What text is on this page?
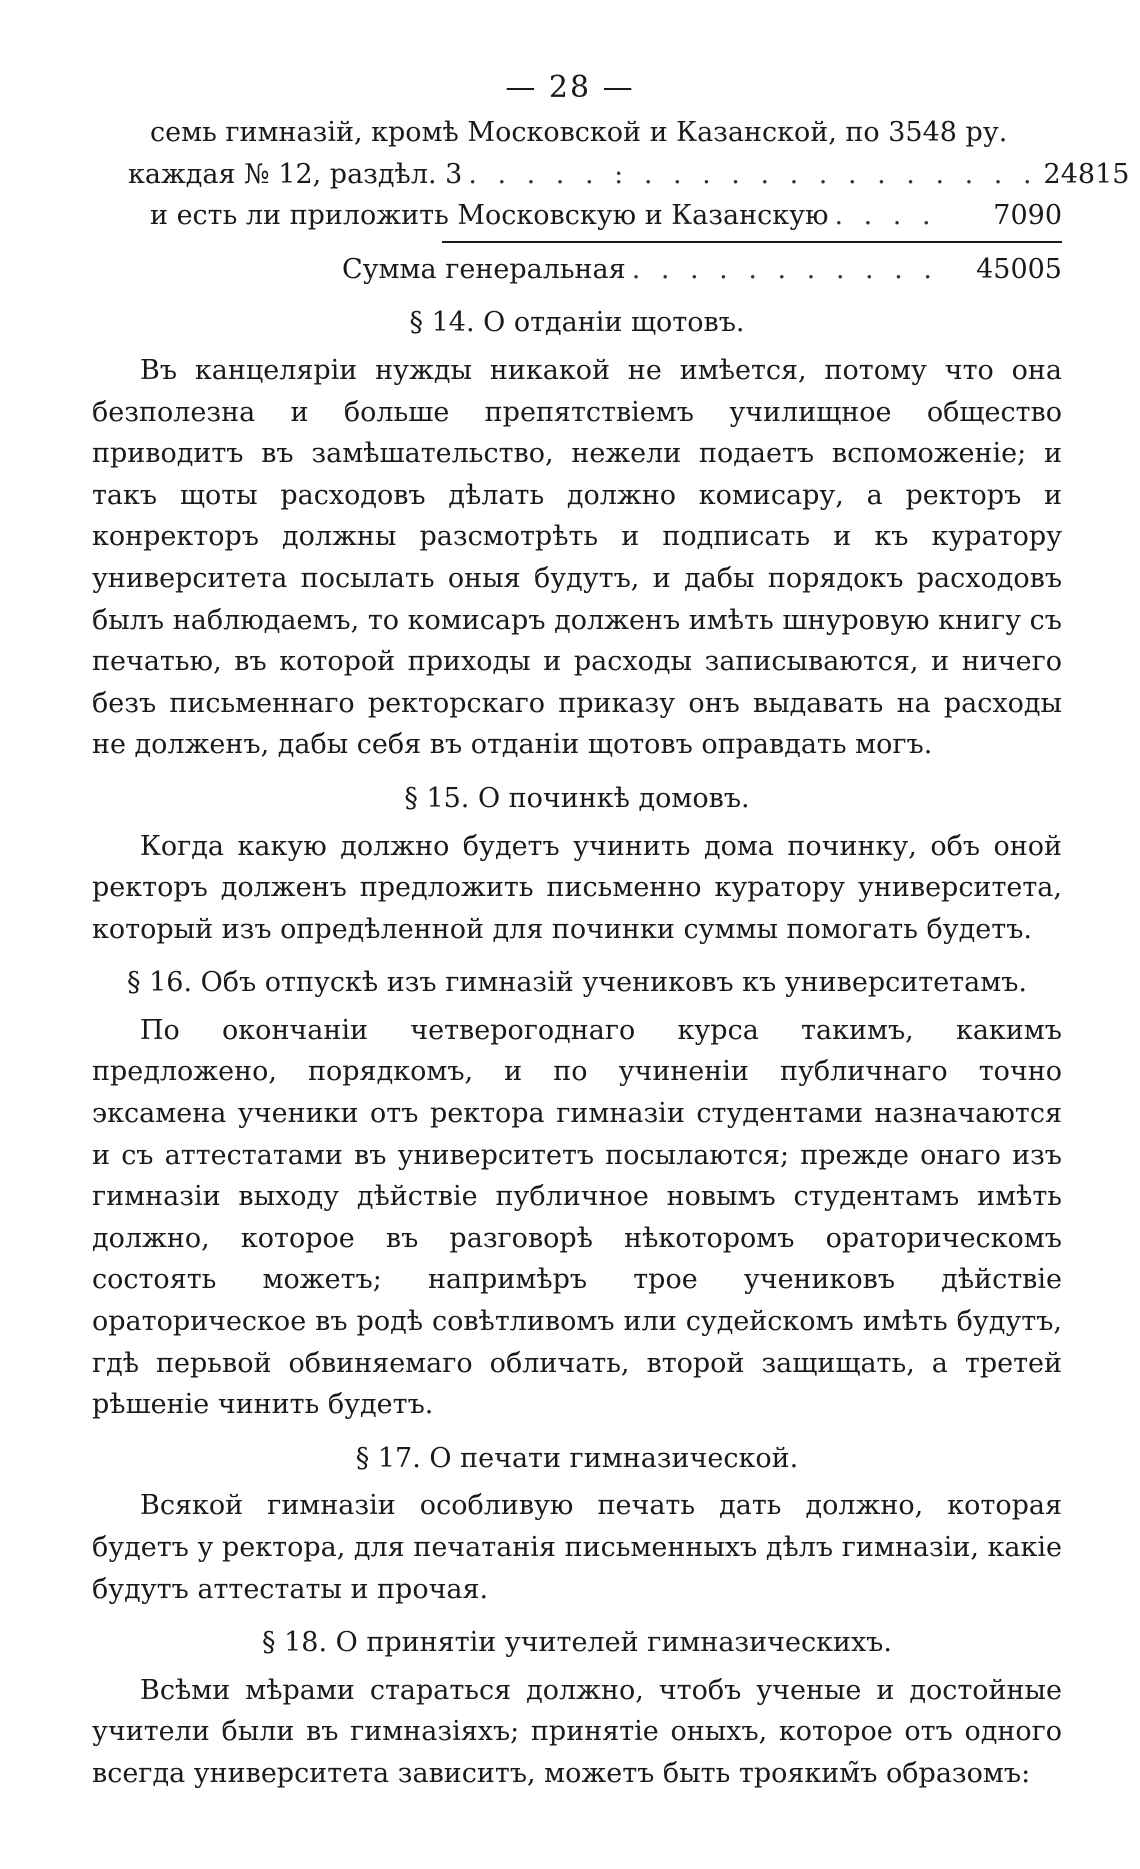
— 28 —
семь гимназій, кромѣ Московской и Казанской, по 3548 ру.
каждая № 12, раздѣл. 3 . . . . . : . . . . . . . . . . . . . . 24815
и есть ли приложить Московскую и Казанскую . . . .	7090
Сумма генеральная . . . . . . . . . . .	45005
§ 14. О отданіи щотовъ.

Въ канцеляріи нужды никакой не имѣется, потому что она безполезна и больше препятствіемъ училищное общество приводитъ въ замѣшательство, нежели подаетъ вспоможеніе; и такъ щоты расходовъ дѣлать должно комисару, а ректоръ и конректоръ должны разсмотрѣть и подписать и къ куратору университета посылать оныя будутъ, и дабы порядокъ расходовъ былъ наблюдаемъ, то комисаръ долженъ имѣть шнуровую книгу съ печатью, въ которой приходы и расходы записываются, и ничего безъ письменнаго ректорскаго приказу онъ выдавать на расходы не долженъ, дабы себя въ отданіи щотовъ оправдать могъ.

§ 15. О починкѣ домовъ.

Когда какую должно будетъ учинить дома починку, объ оной ректоръ долженъ предложить письменно куратору университета, который изъ опредѣленной для починки суммы помогать будетъ.

§ 16. Объ отпускѣ изъ гимназій учениковъ къ университетамъ.

По окончаніи четверогоднаго курса такимъ, какимъ предложено, порядкомъ, и по учиненіи публичнаго точно эксамена ученики отъ ректора гимназіи студентами назначаются и съ аттестатами въ университетъ посылаются; прежде онаго изъ гимназіи выходу дѣйствіе публичное новымъ студентамъ имѣть должно, которое въ разговорѣ нѣкоторомъ ораторическомъ состоять можетъ; напримѣръ трое учениковъ дѣйствіе ораторическое въ родѣ совѣтливомъ или судейскомъ имѣть будутъ, гдѣ перьвой обвиняемаго обличать, второй защищать, а третей рѣшеніе чинить будетъ.

§ 17. О печати гимназической.

Всякой гимназіи особливую печать дать должно, которая будетъ у ректора, для печатанія письменныхъ дѣлъ гимназіи, какіе будутъ аттестаты и прочая.

§ 18. О принятіи учителей гимназическихъ.

Всѣми мѣрами стараться должно, чтобъ ученые и достойные учители были въ гимназіяхъ; принятіе оныхъ, которое отъ одного всегда университета зависитъ, можетъ быть трояким̃ъ образомъ:
